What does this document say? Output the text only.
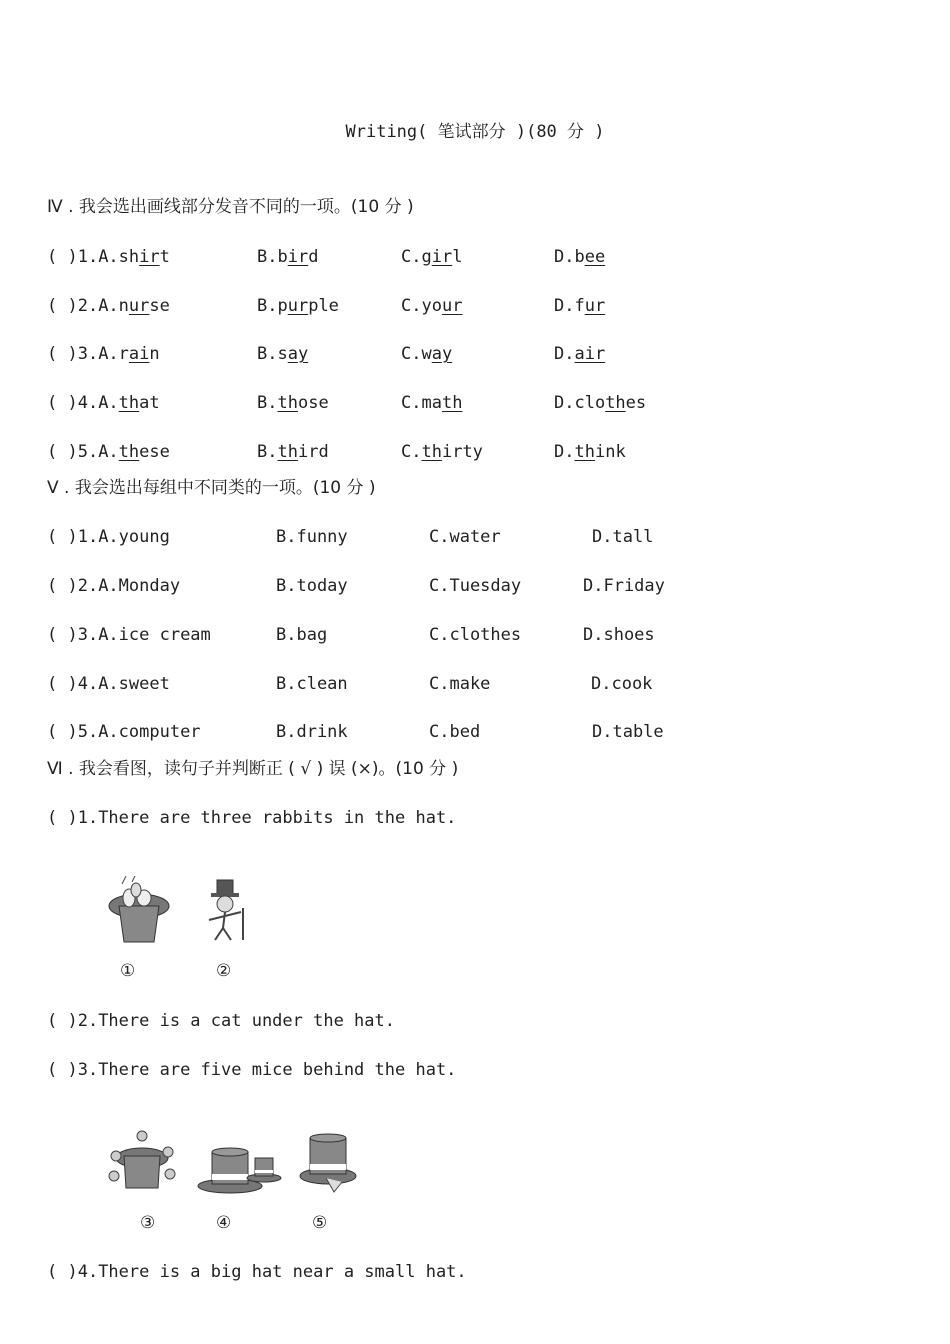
Writing( 笔试部分 )(80 分 )
Ⅳ . 我会选出画线部分发音不同的一项。(10 分 )
( )1.A.shirt	B.bird	C.girl	D.bee
( )2.A.nurse	B.purple	C.your	D.fur
( )3.A.rain	B.say	C.way	D.air
( )4.A.that	B.those	C.math	D.clothes
( )5.A.these	B.third	C.thirty	D.think
Ⅴ . 我会选出每组中不同类的一项。(10 分 )
( )1.A.young	B.funny	C.water	D.tall
( )2.A.Monday	B.today	C.Tuesday	D.Friday
( )3.A.ice cream	B.bag	C.clothes	D.shoes
( )4.A.sweet	B.clean	C.make	D.cook
( )5.A.computer	B.drink	C.bed	D.table
Ⅵ . 我会看图，读句子并判断正 ( √ ) 误 (×)。(10 分 )
( )1.There are three rabbits in the hat.
①	②
( )2.There is a cat under the hat.
( )3.There are five mice behind the hat.
③	④	⑤
( )4.There is a big hat near a small hat.
